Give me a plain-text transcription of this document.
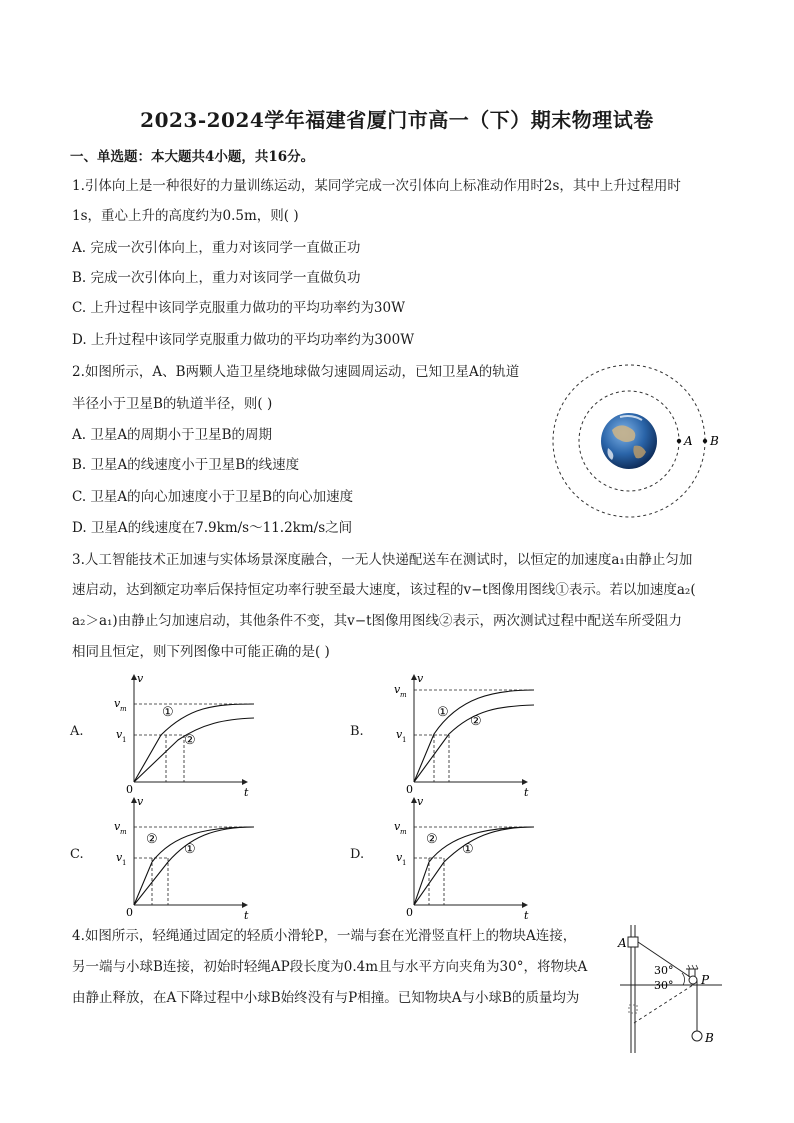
2023-2024学年福建省厦门市高一（下）期末物理试卷
一、单选题：本大题共4小题，共16分。
1.引体向上是一种很好的力量训练运动，某同学完成一次引体向上标准动作用时2s，其中上升过程用时
1s，重心上升的高度约为0.5m，则( )
A. 完成一次引体向上，重力对该同学一直做正功
B. 完成一次引体向上，重力对该同学一直做负功
C. 上升过程中该同学克服重力做功的平均功率约为30W
D. 上升过程中该同学克服重力做功的平均功率约为300W
2.如图所示，A、B两颗人造卫星绕地球做匀速圆周运动，已知卫星A的轨道
半径小于卫星B的轨道半径，则( )
A. 卫星A的周期小于卫星B的周期
B. 卫星A的线速度小于卫星B的线速度
C. 卫星A的向心加速度小于卫星B的向心加速度
D. 卫星A的线速度在7.9km/s～11.2km/s之间
A B
3.人工智能技术正加速与实体场景深度融合，一无人快递配送车在测试时，以恒定的加速度a₁由静止匀加
速启动，达到额定功率后保持恒定功率行驶至最大速度，该过程的v−t图像用图线①表示。若以加速度a₂(
a₂＞a₁)由静止匀加速启动，其他条件不变，其v−t图像用图线②表示，两次测试过程中配送车所受阻力
相同且恒定，则下列图像中可能正确的是( )
A.
v
t
0
v m
v 1
①
②
B.
v
t
0
v m
v 1
①
②
C.
v
t
0
v m
v 1
①
②
D.
v
t
0
v m
v 1
①
②
4.如图所示，轻绳通过固定的轻质小滑轮P，一端与套在光滑竖直杆上的物块A连接，
另一端与小球B连接，初始时轻绳AP段长度为0.4m且与水平方向夹角为30°，将物块A
由静止释放，在A下降过程中小球B始终没有与P相撞。已知物块A与小球B的质量均为
A
P
B
30°
30°
